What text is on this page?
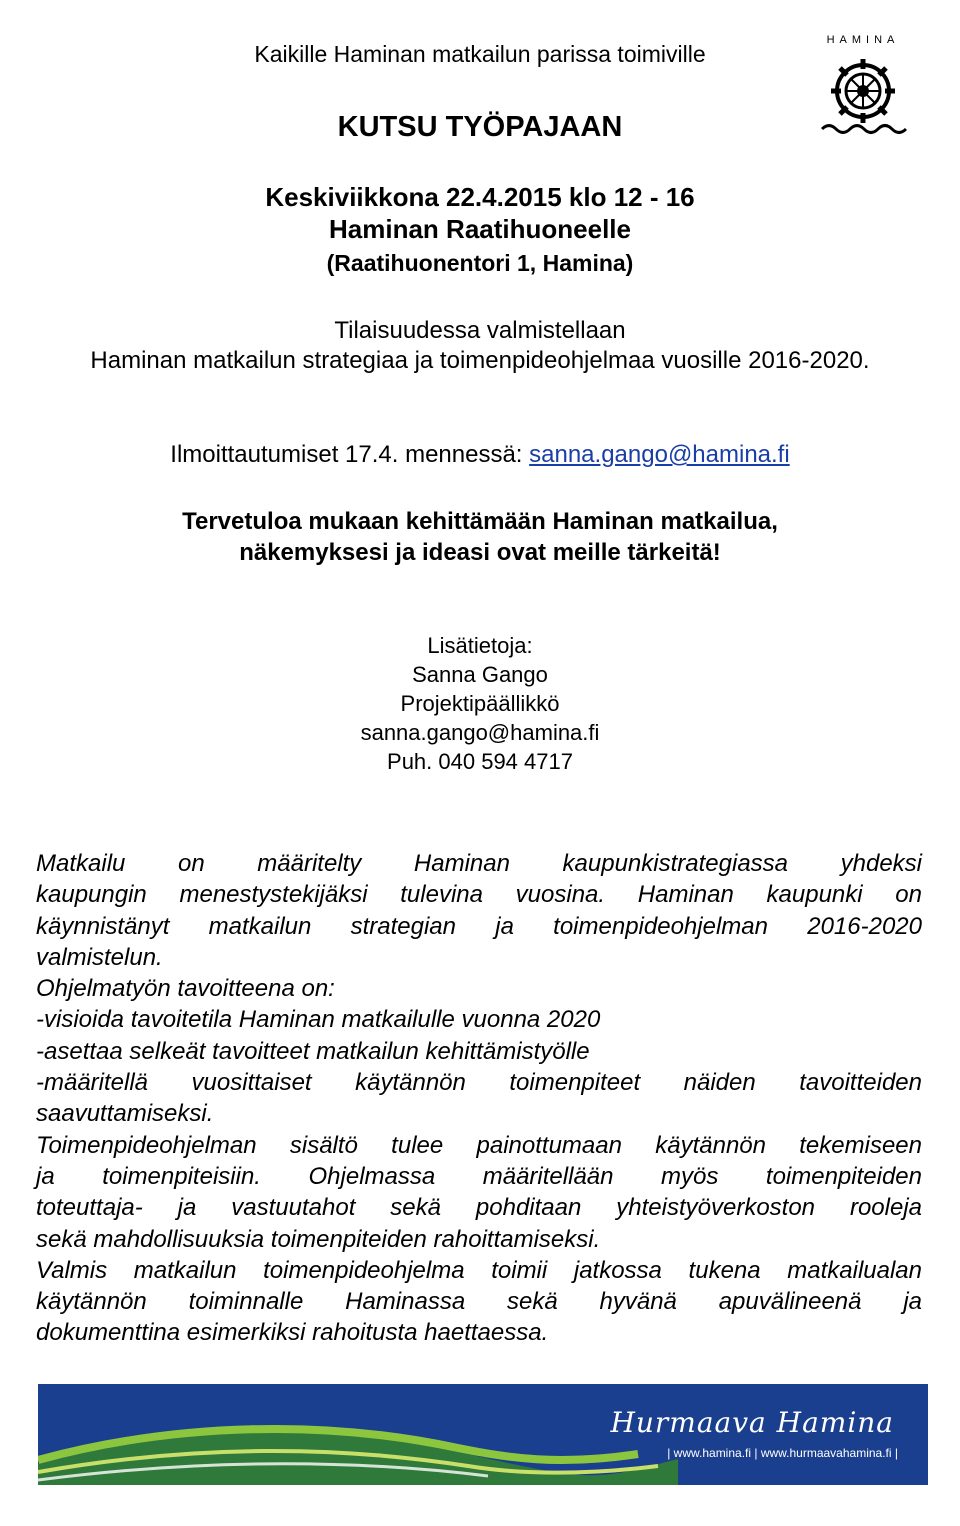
Kaikille Haminan matkailun parissa toimiville
HAMINA
KUTSU TYÖPAJAAN
Keskiviikkona 22.4.2015 klo 12 - 16
Haminan Raatihuoneelle
(Raatihuonentori 1, Hamina)
Tilaisuudessa valmistellaan
Haminan matkailun strategiaa ja toimenpideohjelmaa vuosille 2016-2020.
Ilmoittautumiset 17.4. mennessä: sanna.gango@hamina.fi
Tervetuloa mukaan kehittämään Haminan matkailua,
näkemyksesi ja ideasi ovat meille tärkeitä!
Lisätietoja:
Sanna Gango
Projektipäällikkö
sanna.gango@hamina.fi
Puh. 040 594 4717
Matkailu on määritelty Haminan kaupunkistrategiassa yhdeksi
kaupungin menestystekijäksi tulevina vuosina. Haminan kaupunki on
käynnistänyt matkailun strategian ja toimenpideohjelman 2016-2020
valmistelun.
Ohjelmatyön tavoitteena on:
-visioida tavoitetila Haminan matkailulle vuonna 2020
-asettaa selkeät tavoitteet matkailun kehittämistyölle
-määritellä vuosittaiset käytännön toimenpiteet näiden tavoitteiden
saavuttamiseksi.
Toimenpideohjelman sisältö tulee painottumaan käytännön tekemiseen
ja toimenpiteisiin. Ohjelmassa määritellään myös toimenpiteiden
toteuttaja- ja vastuutahot sekä pohditaan yhteistyöverkoston rooleja
sekä mahdollisuuksia toimenpiteiden rahoittamiseksi.
Valmis matkailun toimenpideohjelma toimii jatkossa tukena matkailualan
käytännön toiminnalle Haminassa sekä hyvänä apuvälineenä ja
dokumenttina esimerkiksi rahoitusta haettaessa.
Hurmaava Hamina
| www.hamina.fi | www.hurmaavahamina.fi |
